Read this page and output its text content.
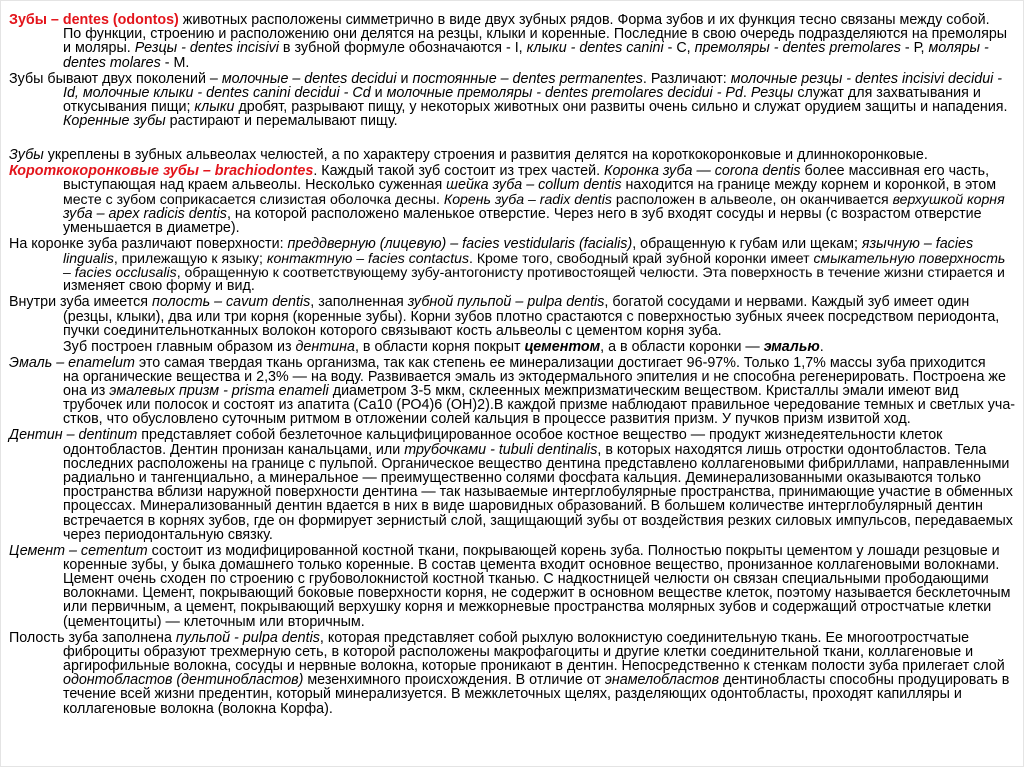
Зубы – dentes (odontos) животных расположены симметрично в виде двух зубных рядов. Форма зубов и их функция тесно связаны между собой.
По функции, строению и расположению они делятся на резцы, клыки и коренные. Последние в свою очередь подразделяются на премоляры
и моляры. Резцы - dentes incisivi в зубной формуле обозначаются - I, клыки - dentes canini - С, премоляры - dentes premolares - Р, моляры -
dentes molares - М.
Зубы бывают двух поколений – молочные – dentes decidui и постоянные – dentes permanentes. Различают: молочные резцы - dentes incisivi decidui -
Id, молочные клыки - dentes canini decidui - Cd и молочные премоляры - dentes premolares decidui - Pd. Резцы служат для захватывания и
откусывания пищи; клыки дробят, разрывают пищу, у некоторых животных они развиты очень сильно и служат орудием защиты и нападения.
Коренные зубы растирают и перемалывают пищу.
Зубы укреплены в зубных альвеолах челюстей, а по характеру строения и развития делятся на короткокоронковые и длиннокоронковые.
Короткокоронковые зубы – brachiodontes. Каждый такой зуб состоит из трех частей. Коронка зуба — corona dentis более массивная его часть,
выступающая над краем альвеолы. Несколько суженная шейка зуба – collum dentis находится на границе между корнем и коронкой, в этом
месте с зубом соприкасается слизистая оболочка десны. Корень зуба – radix dentis расположен в альвеоле, он оканчивается верхушкой корня
зуба – apex radicis dentis, на которой расположено маленькое отверстие. Через него в зуб входят сосуды и нервы (с возрастом отверстие
уменьшается в диаметре).
На коронке зуба различают поверхности: преддверную (лицевую) – facies vestidularis (facialis), обращенную к губам или щекам; язычную – facies
lingualis, прилежащую к языку; контактную – facies contactus. Кроме того, свободный край зубной коронки имеет смыкательную поверхность
– facies occlusalis, обращенную к соответствующему зубу-антогонисту противостоящей челюсти. Эта поверхность в течение жизни стирается и
изменяет свою форму и вид.
Внутри зуба имеется полость – cavum dentis, заполненная зубной пульпой – pulpa dentis, богатой сосудами и нервами. Каждый зуб имеет один
(резцы, клыки), два или три корня (коренные зубы). Корни зубов плотно срастаются с поверхностью зубных ячеек посредством периодонта,
пучки соединительнотканных волокон которого связывают кость альвеолы с цементом корня зуба.
Зуб построен главным образом из дентина, в области корня покрыт цементом, а в области коронки — эмалью.
Эмаль – enamelum это самая твердая ткань организма, так как степень ее минерализации достигает 96-97%. Только 1,7% массы зуба приходится
на органические вещества и 2,3% — на воду. Развивается эмаль из эктодермального эпителия и не способна регенерировать. Построена же
она из эмалевых призм - prisma enameli диаметром 3-5 мкм, склеенных межпризматическим веществом. Кристаллы эмали имеют вид
трубочек или полосок и состоят из апатита (Са10 (РО4)6 (ОН)2).В каждой призме наблюдают правильное чередование темных и светлых уча-
стков, что обусловлено суточным ритмом в отложении солей кальция в процессе развития призм. У пучков призм извитой ход.
Дентин – dentinum представляет собой безлеточное кальцифицированное особое костное вещество — продукт жизнедеятельности клеток
одонтобластов. Дентин пронизан канальцами, или трубочками - tubuli dentinalis, в которых находятся лишь отростки одонтобластов. Тела
последних расположены на границе с пульпой. Органическое вещество дентина представлено коллагеновыми фибриллами, направленными
радиально и тангенциально, а минеральное — преимущественно солями фосфата кальция. Деминерализованными оказываются только
пространства вблизи наружной поверхности дентина — так называемые интерглобулярные пространства, принимающие участие в обменных
процессах. Минерализованный дентин вдается в них в виде шаровидных образований. В большем количестве интерглобулярный дентин
встречается в корнях зубов, где он формирует зернистый слой, защищающий зубы от воздействия резких силовых импульсов, передаваемых
через периодонтальную связку.
Цемент – cementum состоит из модифицированной костной ткани, покрывающей корень зуба. Полностью покрыты цементом у лошади резцовые и
коренные зубы, у быка домашнего только коренные. В состав цемента входит основное вещество, пронизанное коллагеновыми волокнами.
Цемент очень сходен по строению с грубоволокнистой костной тканью. С надкостницей челюсти он связан специальными прободающими
волокнами. Цемент, покрывающий боковые поверхности корня, не содержит в основном веществе клеток, поэтому называется бесклеточным
или первичным, а цемент, покрывающий верхушку корня и межкорневые пространства молярных зубов и содержащий отростчатые клетки
(цементоциты) — клеточным или вторичным.
Полость зуба заполнена пульпой - pulpa dentis, которая представляет собой рыхлую волокнистую соединительную ткань. Ее многоотростчатые
фиброциты образуют трехмерную сеть, в которой расположены макрофагоциты и другие клетки соединительной ткани, коллагеновые и
аргирофильные волокна, сосуды и нервные волокна, которые проникают в дентин. Непосредственно к стенкам полости зуба прилегает слой
одонтобластов (дентинобластов) мезенхимного происхождения. В отличие от энамелобластов дентинобласты способны продуцировать в
течение всей жизни предентин, который минерализуется. В межклеточных щелях, разделяющих одонтобласты, проходят капилляры и
коллагеновые волокна (волокна Корфа).
